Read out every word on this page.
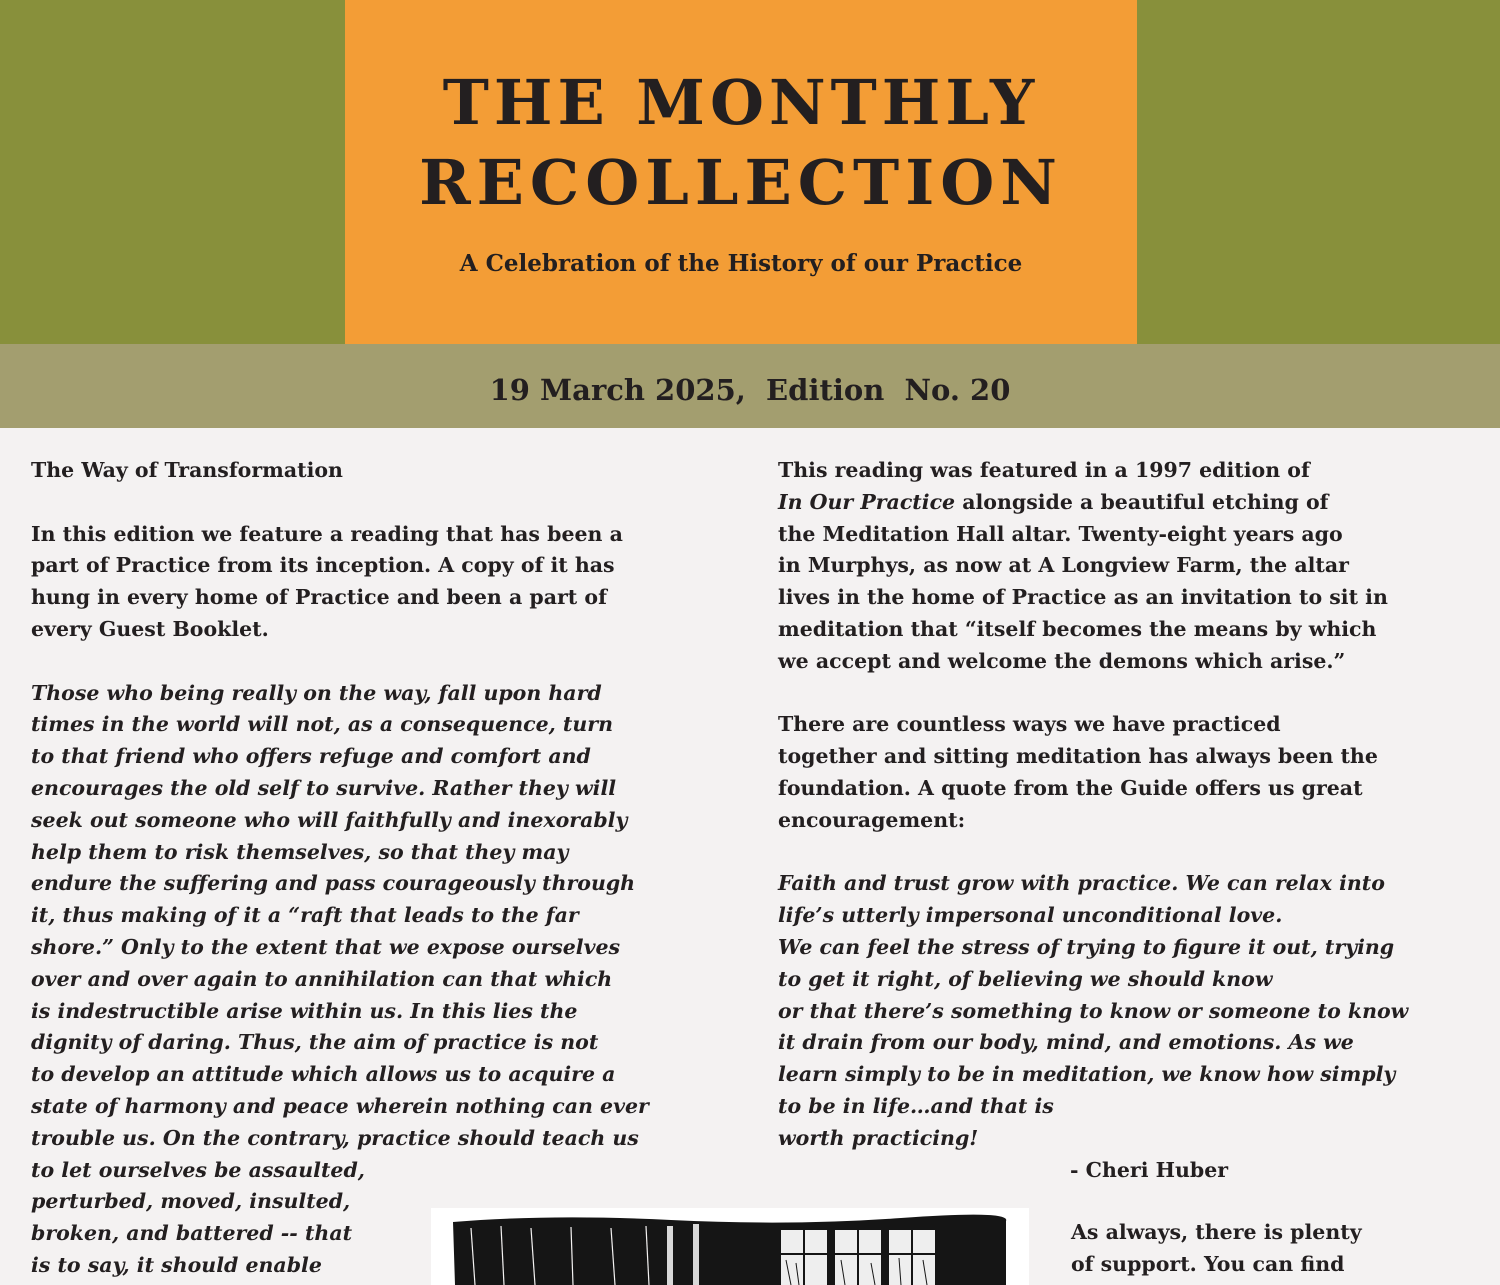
THE MONTHLY
RECOLLECTION
A Celebration of the History of our Practice
19 March 2025,  Edition  No. 20
The Way of Transformation
In this edition we feature a reading that has been a
part of Practice from its inception. A copy of it has
hung in every home of Practice and been a part of
every Guest Booklet.
Those who being really on the way, fall upon hard
times in the world will not, as a consequence, turn
to that friend who offers refuge and comfort and
encourages the old self to survive. Rather they will
seek out someone who will faithfully and inexorably
help them to risk themselves, so that they may
endure the suffering and pass courageously through
it, thus making of it a “raft that leads to the far
shore.” Only to the extent that we expose ourselves
over and over again to annihilation can that which
is indestructible arise within us. In this lies the
dignity of daring. Thus, the aim of practice is not
to develop an attitude which allows us to acquire a
state of harmony and peace wherein nothing can ever
trouble us. On the contrary, practice should teach us
to let ourselves be assaulted,
perturbed, moved, insulted,
broken, and battered -- that
is to say, it should enable
This reading was featured in a 1997 edition of
In Our Practice alongside a beautiful etching of
the Meditation Hall altar. Twenty-eight years ago
in Murphys, as now at A Longview Farm, the altar
lives in the home of Practice as an invitation to sit in
meditation that “itself becomes the means by which
we accept and welcome the demons which arise.”
There are countless ways we have practiced
together and sitting meditation has always been the
foundation. A quote from the Guide offers us great
encouragement:
Faith and trust grow with practice. We can relax into
life’s utterly impersonal unconditional love.
We can feel the stress of trying to figure it out, trying
to get it right, of believing we should know
or that there’s something to know or someone to know
it drain from our body, mind, and emotions. As we
learn simply to be in meditation, we know how simply
to be in life…and that is
worth practicing!
- Cheri Huber
As always, there is plenty
of support. You can find
